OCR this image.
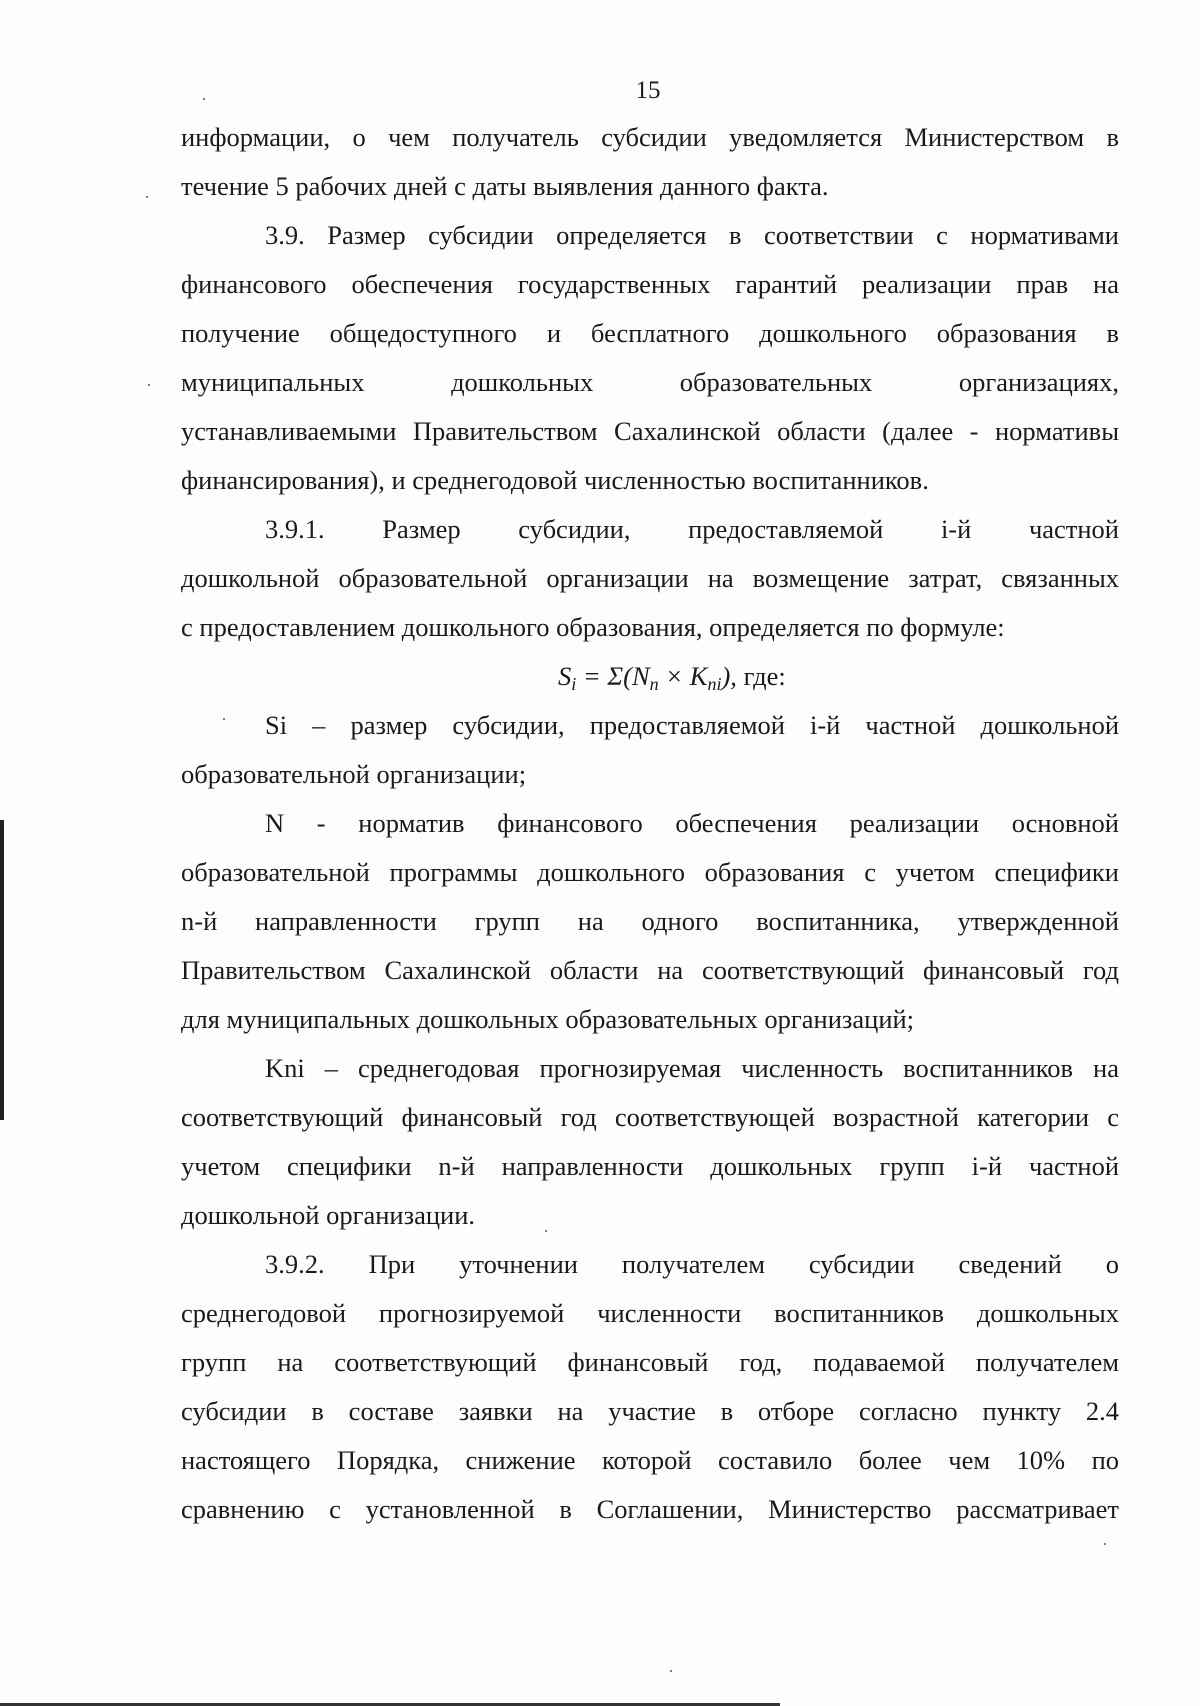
15
информации, о чем получатель субсидии уведомляется Министерством в
течение 5 рабочих дней с даты выявления данного факта.
3.9. Размер субсидии определяется в соответствии с нормативами
финансового обеспечения государственных гарантий реализации прав на
получение общедоступного и бесплатного дошкольного образования в
муниципальных дошкольных образовательных организациях,
устанавливаемыми Правительством Сахалинской области (далее - нормативы
финансирования), и среднегодовой численностью воспитанников.
3.9.1. Размер субсидии, предоставляемой i-й частной
дошкольной образовательной организации на возмещение затрат, связанных
с предоставлением дошкольного образования, определяется по формуле:
$S_i = \Sigma(N_n \times K_{ni})$, где:
Si – размер субсидии, предоставляемой i-й частной дошкольной
образовательной организации;
N - норматив финансового обеспечения реализации основной
образовательной программы дошкольного образования с учетом специфики
n-й направленности групп на одного воспитанника, утвержденной
Правительством Сахалинской области на соответствующий финансовый год
для муниципальных дошкольных образовательных организаций;
Kni – среднегодовая прогнозируемая численность воспитанников на
соответствующий финансовый год соответствующей возрастной категории с
учетом специфики n-й направленности дошкольных групп i-й частной
дошкольной организации.
3.9.2. При уточнении получателем субсидии сведений о
среднегодовой прогнозируемой численности воспитанников дошкольных
групп на соответствующий финансовый год, подаваемой получателем
субсидии в составе заявки на участие в отборе согласно пункту 2.4
настоящего Порядка, снижение которой составило более чем 10% по
сравнению с установленной в Соглашении, Министерство рассматривает
